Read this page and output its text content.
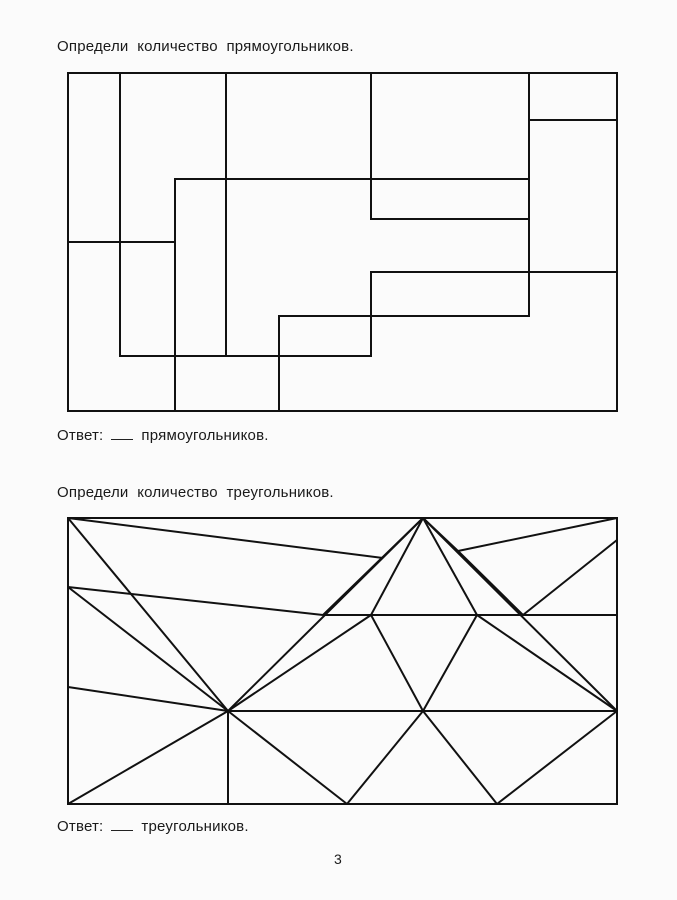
Определи  количество  прямоугольников.
Ответ:	прямоугольников.
Определи  количество  треугольников.
Ответ:	треугольников.
3
